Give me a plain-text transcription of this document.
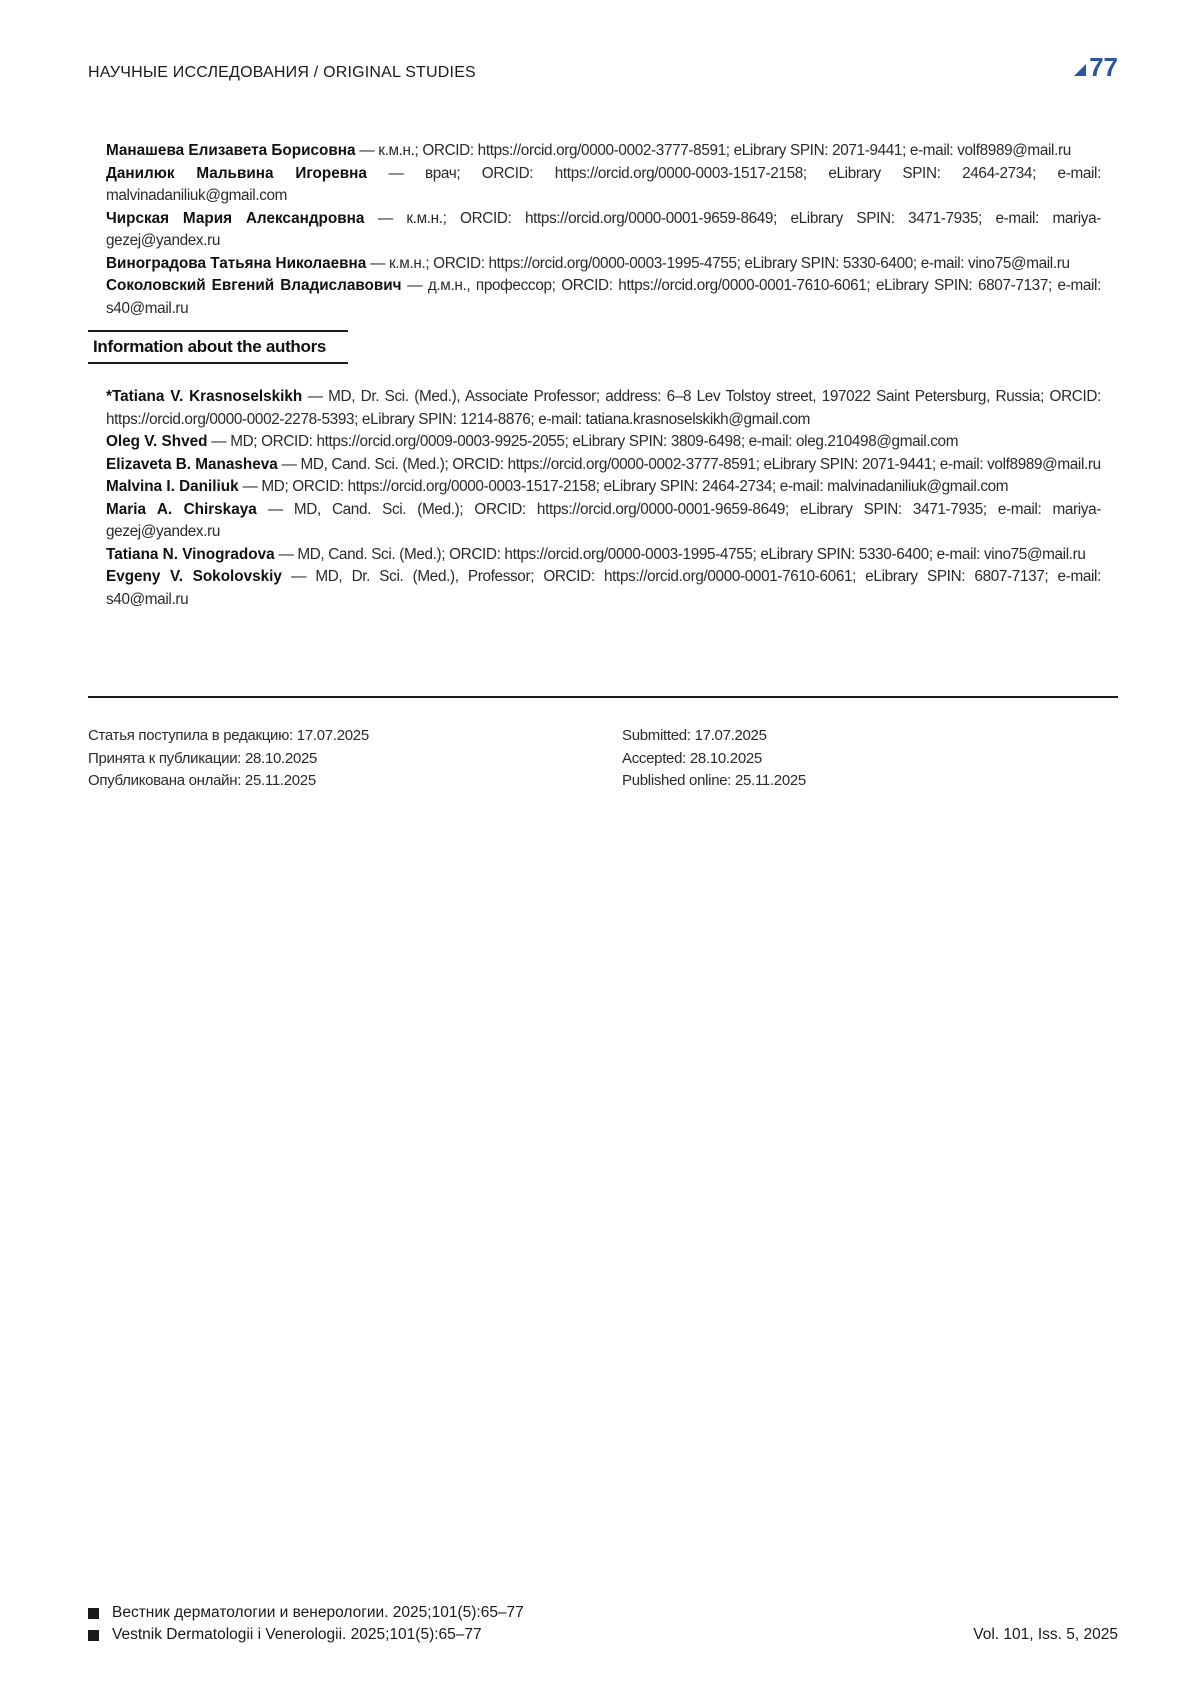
НАУЧНЫЕ ИССЛЕДОВАНИЯ / ORIGINAL STUDIES	77

Манашева Елизавета Борисовна — к.м.н.; ORCID: https://orcid.org/0000-0002-3777-8591; eLibrary SPIN: 2071-9441; e-mail: volf8989@mail.ru

Данилюк Мальвина Игоревна — врач; ORCID: https://orcid.org/0000-0003-1517-2158; eLibrary SPIN: 2464-2734; e-mail: malvinadaniliuk@gmail.com

Чирская Мария Александровна — к.м.н.; ORCID: https://orcid.org/0000-0001-9659-8649; eLibrary SPIN: 3471-7935; e-mail: mariya-gezej@yandex.ru

Виноградова Татьяна Николаевна — к.м.н.; ORCID: https://orcid.org/0000-0003-1995-4755; eLibrary SPIN: 5330-6400; e-mail: vino75@mail.ru

Соколовский Евгений Владиславович — д.м.н., профессор; ORCID: https://orcid.org/0000-0001-7610-6061; eLibrary SPIN: 6807-7137; e-mail: s40@mail.ru

Information about the authors

*Tatiana V. Krasnoselskikh — MD, Dr. Sci. (Med.), Associate Professor; address: 6–8 Lev Tolstoy street, 197022 Saint Petersburg, Russia; ORCID: https://orcid.org/0000-0002-2278-5393; eLibrary SPIN: 1214-8876; e-mail: tatiana.krasnoselskikh@gmail.com

Oleg V. Shved — MD; ORCID: https://orcid.org/0009-0003-9925-2055; eLibrary SPIN: 3809-6498; e-mail: oleg.210498@gmail.com

Elizaveta B. Manasheva — MD, Cand. Sci. (Med.); ORCID: https://orcid.org/0000-0002-3777-8591; eLibrary SPIN: 2071-9441; e-mail: volf8989@mail.ru

Malvina I. Daniliuk — MD; ORCID: https://orcid.org/0000-0003-1517-2158; eLibrary SPIN: 2464-2734; e-mail: malvinadaniliuk@gmail.com

Maria A. Chirskaya — MD, Cand. Sci. (Med.); ORCID: https://orcid.org/0000-0001-9659-8649; eLibrary SPIN: 3471-7935; e-mail: mariya-gezej@yandex.ru

Tatiana N. Vinogradova — MD, Cand. Sci. (Med.); ORCID: https://orcid.org/0000-0003-1995-4755; eLibrary SPIN: 5330-6400; e-mail: vino75@mail.ru

Evgeny V. Sokolovskiy — MD, Dr. Sci. (Med.), Professor; ORCID: https://orcid.org/0000-0001-7610-6061; eLibrary SPIN: 6807-7137; e-mail: s40@mail.ru

Статья поступила в редакцию: 17.07.2025
Принята к публикации: 28.10.2025
Опубликована онлайн: 25.11.2025
Submitted: 17.07.2025
Accepted: 28.10.2025
Published online: 25.11.2025
Вестник дерматологии и венерологии. 2025;101(5):65–77
Vestnik Dermatologii i Venerologii. 2025;101(5):65–77	Vol. 101, Iss. 5, 2025
